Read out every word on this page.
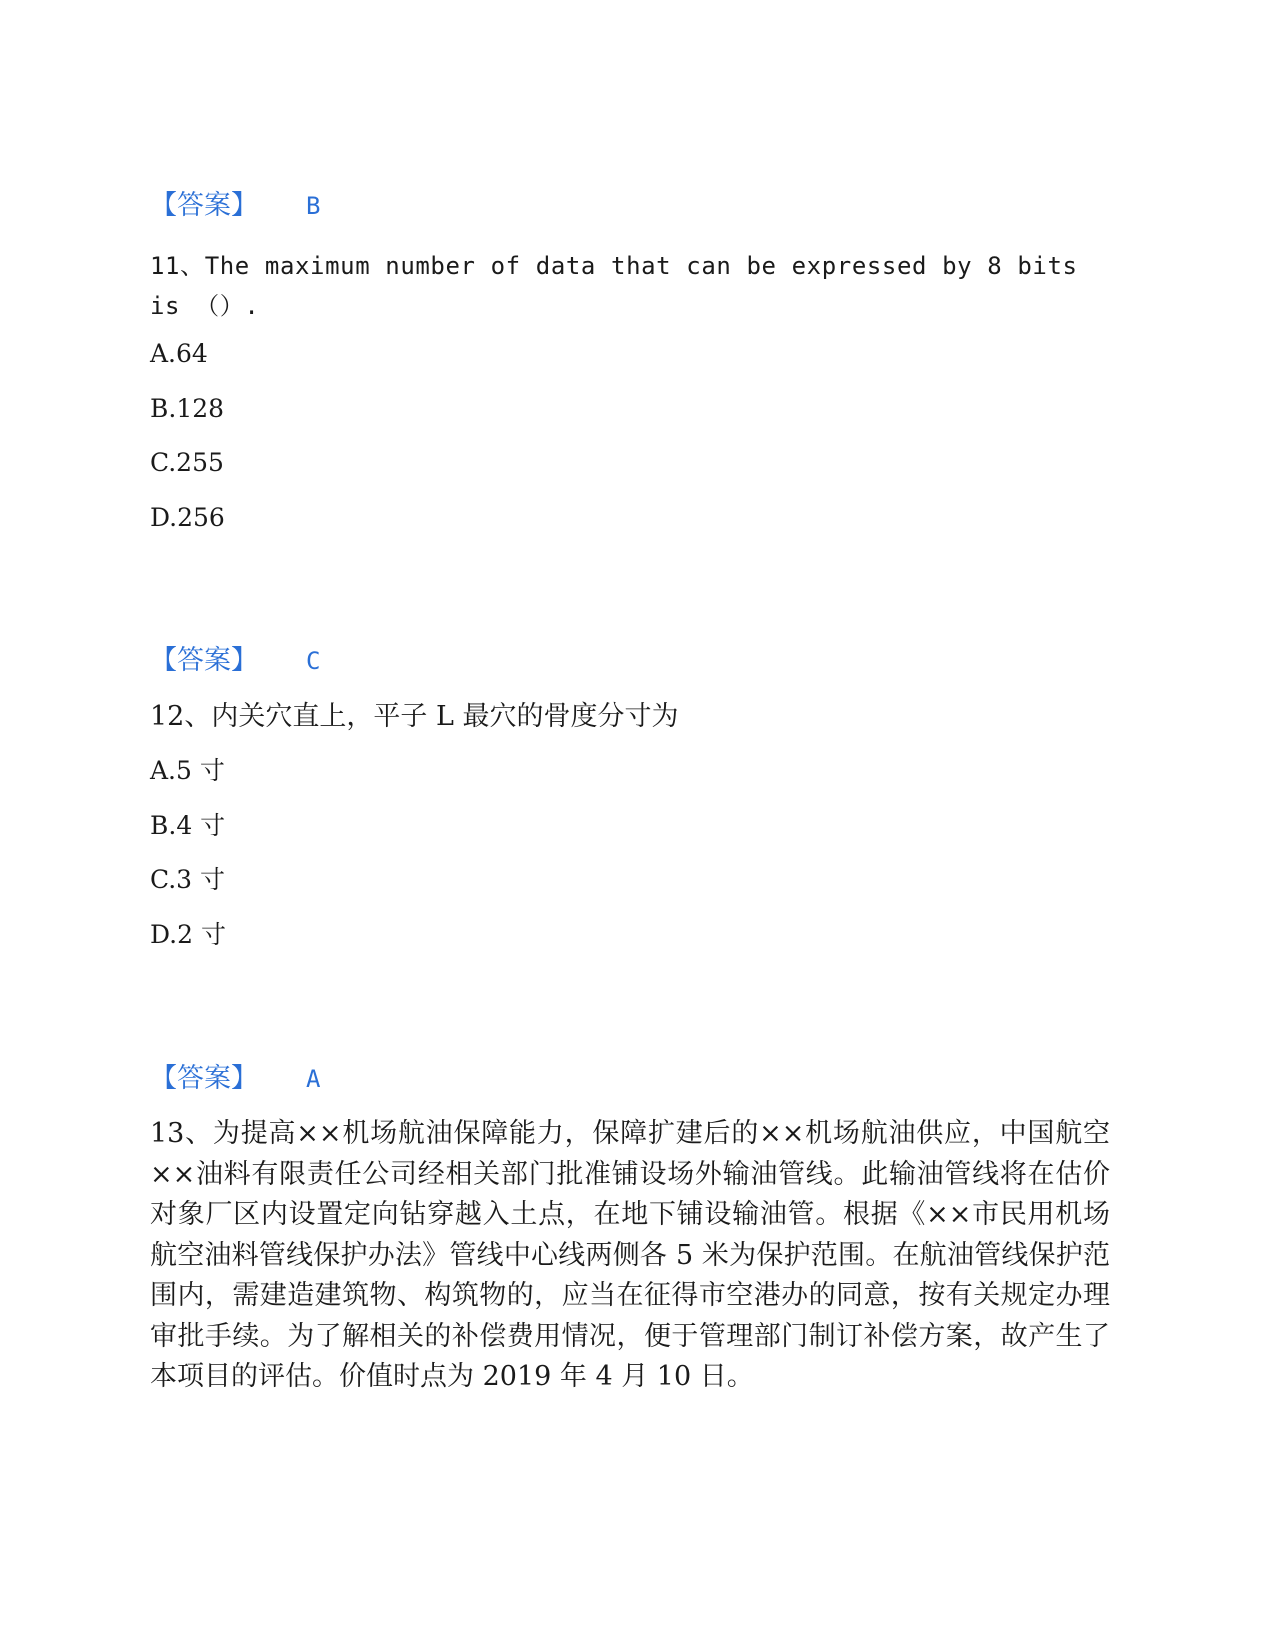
【答案】 B
11、The maximum number of data that can be expressed by 8 bits is （）.
A.64
B.128
C.255
D.256
【答案】 C
12、内关穴直上，平子 L 最穴的骨度分寸为
A.5 寸
B.4 寸
C.3 寸
D.2 寸
【答案】 A
13、为提高××机场航油保障能力，保障扩建后的××机场航油供应，中国航空××油料有限责任公司经相关部门批准铺设场外输油管线。此输油管线将在估价对象厂区内设置定向钻穿越入土点，在地下铺设输油管。根据《××市民用机场航空油料管线保护办法》管线中心线两侧各 5 米为保护范围。在航油管线保护范围内，需建造建筑物、构筑物的，应当在征得市空港办的同意，按有关规定办理审批手续。为了解相关的补偿费用情况，便于管理部门制订补偿方案，故产生了本项目的评估。价值时点为 2019 年 4 月 10 日。
